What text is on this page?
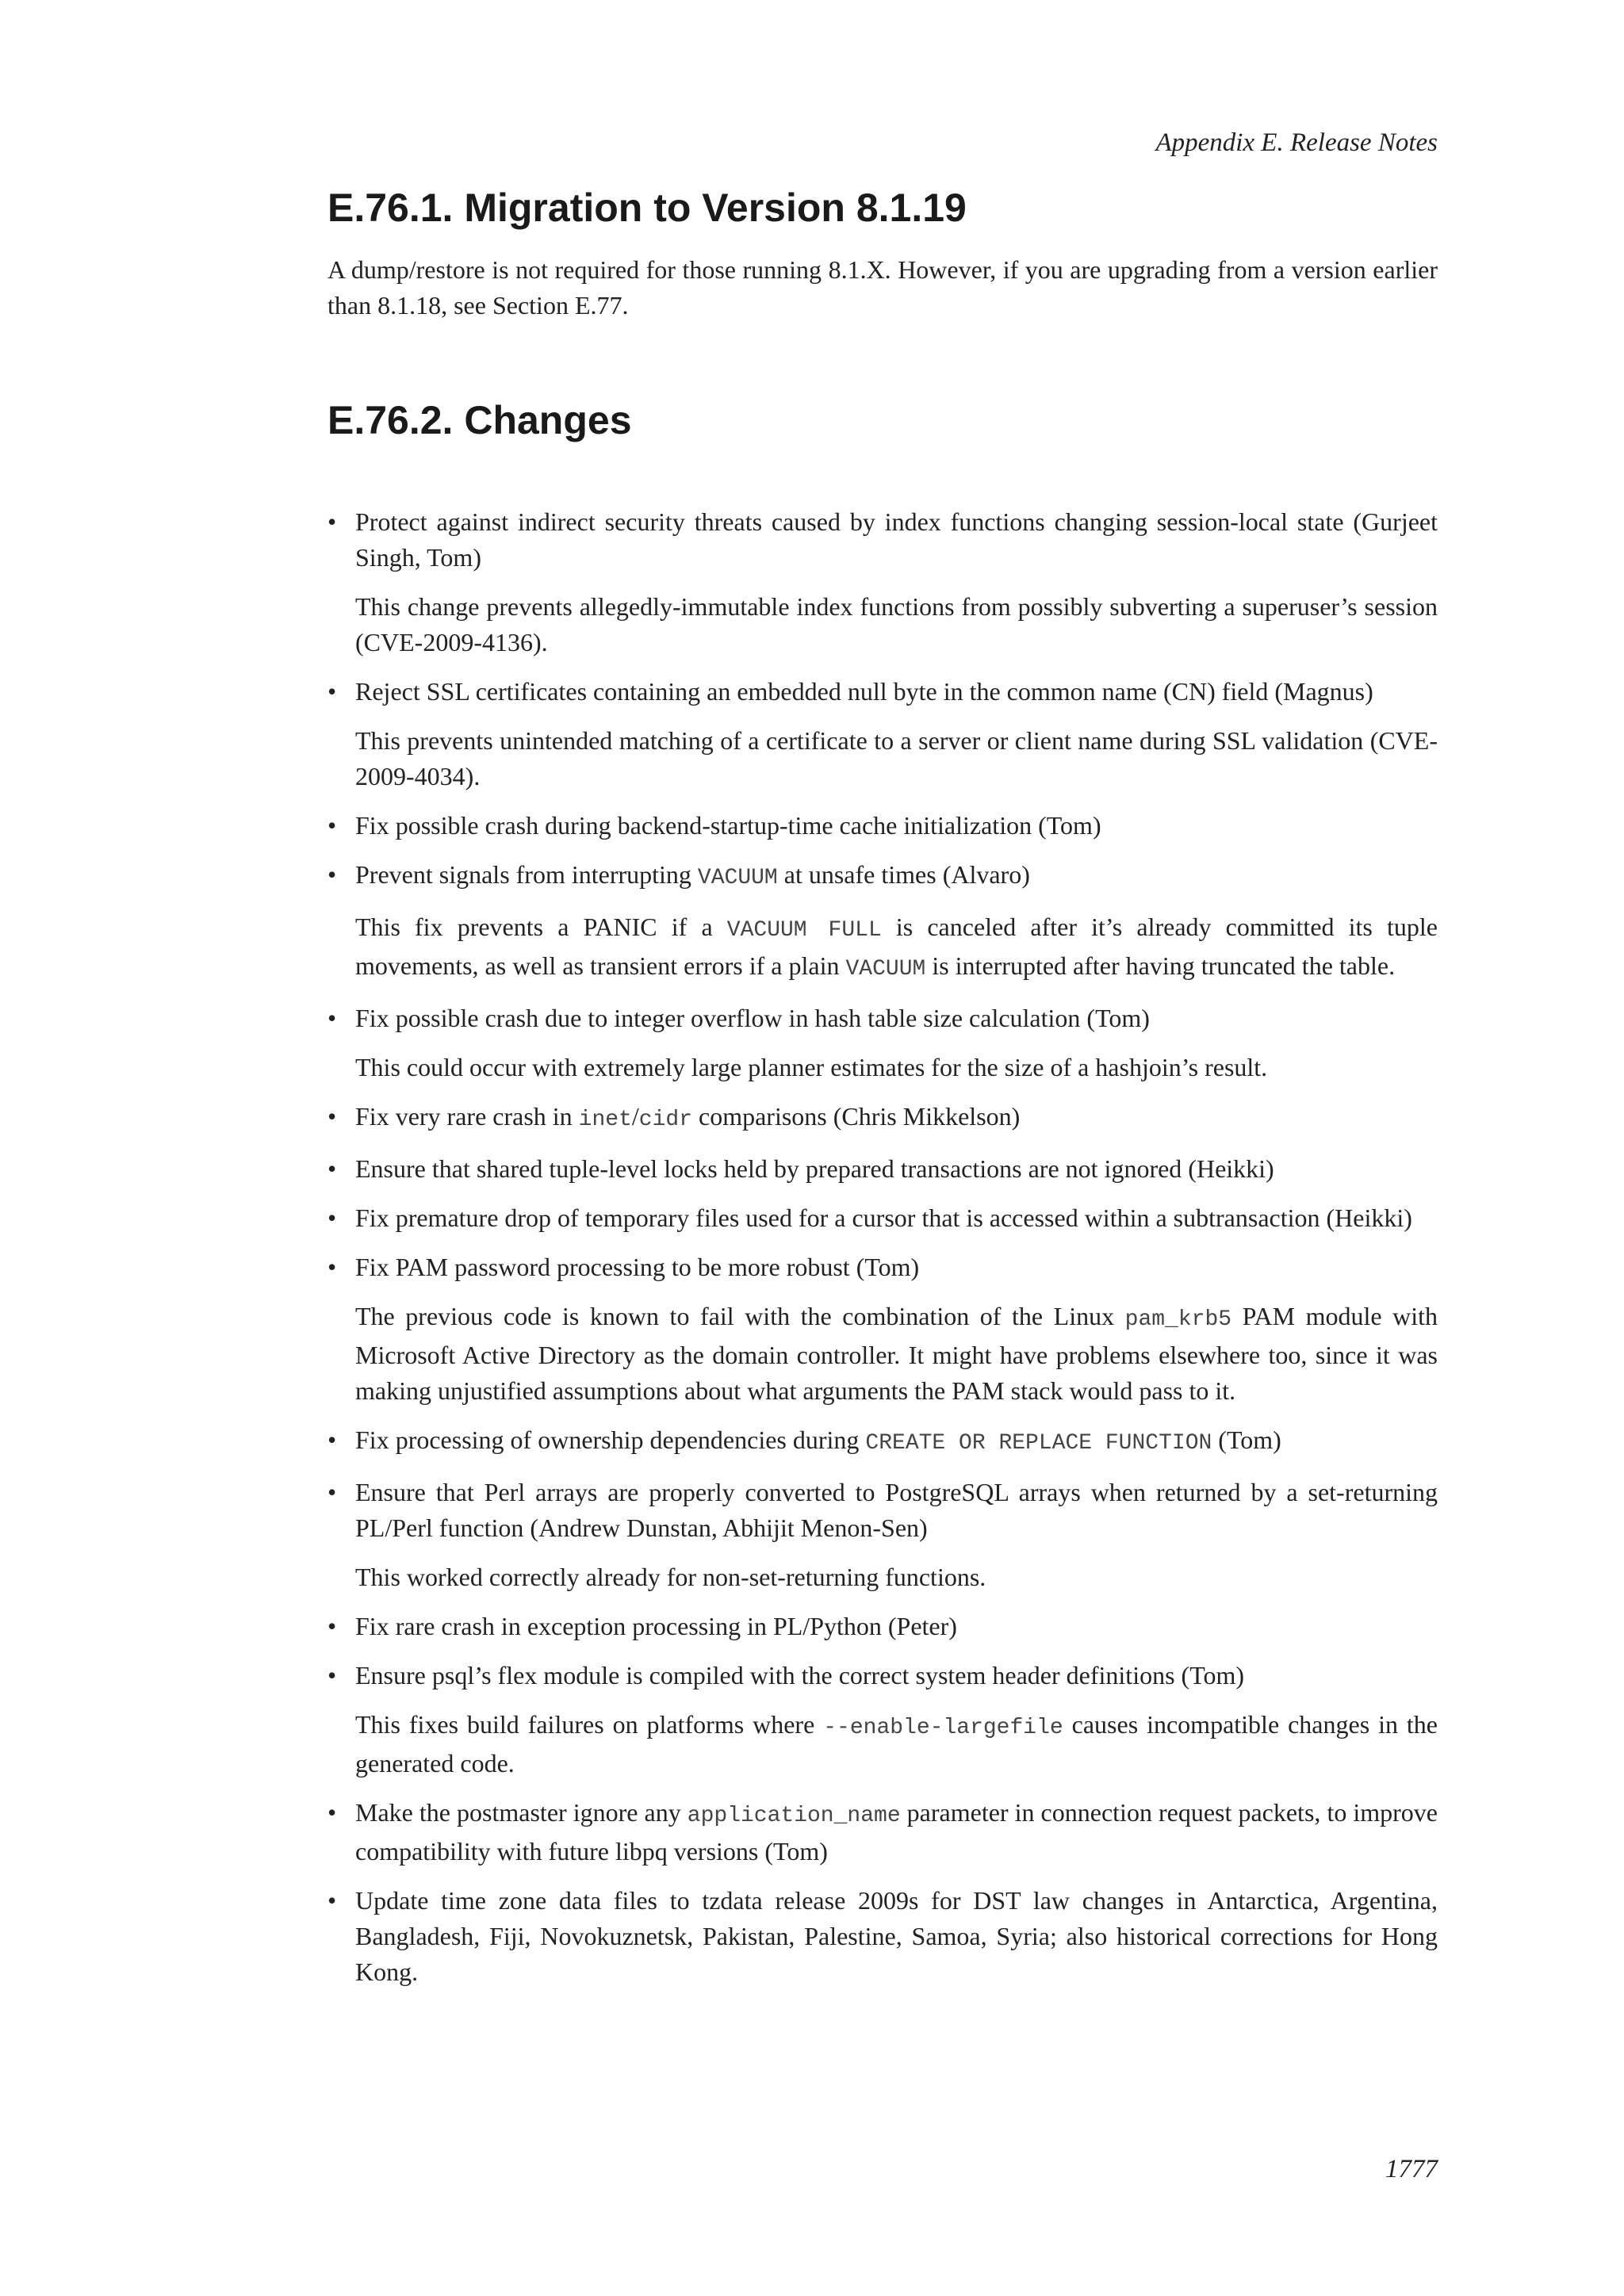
Appendix E. Release Notes
E.76.1. Migration to Version 8.1.19

A dump/restore is not required for those running 8.1.X. However, if you are upgrading from a version earlier than 8.1.18, see Section E.77.

E.76.2. Changes
• Protect against indirect security threats caused by index functions changing session-local state (Gurjeet Singh, Tom)

This change prevents allegedly-immutable index functions from possibly subverting a superuser’s session (CVE-2009-4136).

• Reject SSL certificates containing an embedded null byte in the common name (CN) field (Magnus)

This prevents unintended matching of a certificate to a server or client name during SSL validation (CVE-2009-4034).

• Fix possible crash during backend-startup-time cache initialization (Tom)

• Prevent signals from interrupting VACUUM at unsafe times (Alvaro)

This fix prevents a PANIC if a VACUUM FULL is canceled after it’s already committed its tuple movements, as well as transient errors if a plain VACUUM is interrupted after having truncated the table.

• Fix possible crash due to integer overflow in hash table size calculation (Tom)

This could occur with extremely large planner estimates for the size of a hashjoin’s result.

• Fix very rare crash in inet/cidr comparisons (Chris Mikkelson)

• Ensure that shared tuple-level locks held by prepared transactions are not ignored (Heikki)

• Fix premature drop of temporary files used for a cursor that is accessed within a subtransaction (Heikki)

• Fix PAM password processing to be more robust (Tom)

The previous code is known to fail with the combination of the Linux pam_krb5 PAM module with Microsoft Active Directory as the domain controller. It might have problems elsewhere too, since it was making unjustified assumptions about what arguments the PAM stack would pass to it.

• Fix processing of ownership dependencies during CREATE OR REPLACE FUNCTION (Tom)

• Ensure that Perl arrays are properly converted to PostgreSQL arrays when returned by a set-returning PL/Perl function (Andrew Dunstan, Abhijit Menon-Sen)

This worked correctly already for non-set-returning functions.

• Fix rare crash in exception processing in PL/Python (Peter)

• Ensure psql’s flex module is compiled with the correct system header definitions (Tom)

This fixes build failures on platforms where --enable-largefile causes incompatible changes in the generated code.

• Make the postmaster ignore any application_name parameter in connection request packets, to improve compatibility with future libpq versions (Tom)

• Update time zone data files to tzdata release 2009s for DST law changes in Antarctica, Argentina, Bangladesh, Fiji, Novokuznetsk, Pakistan, Palestine, Samoa, Syria; also historical corrections for Hong Kong.

1777
